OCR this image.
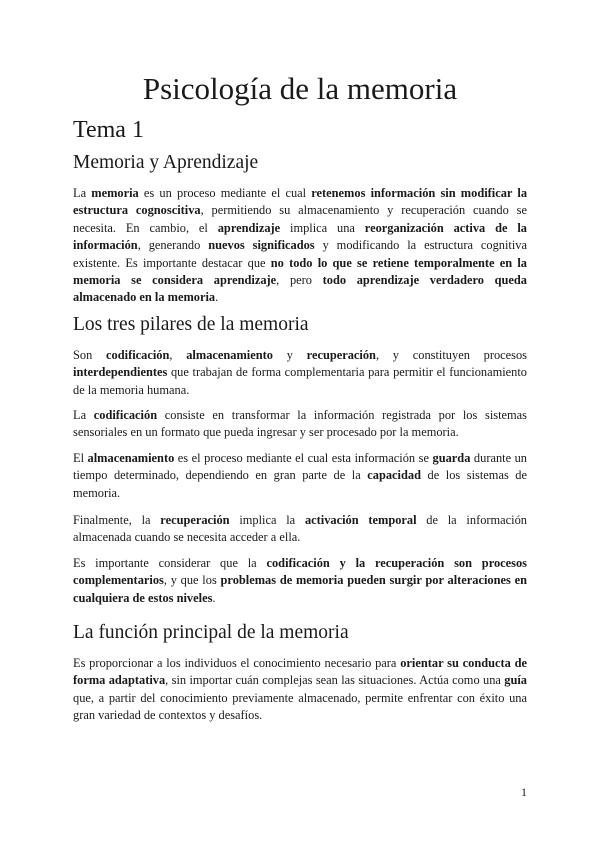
Psicología de la memoria
Tema 1
Memoria y Aprendizaje

La memoria es un proceso mediante el cual retenemos información sin modificar la estructura cognoscitiva, permitiendo su almacenamiento y recuperación cuando se necesita. En cambio, el aprendizaje implica una reorganización activa de la información, generando nuevos significados y modificando la estructura cognitiva existente. Es importante destacar que no todo lo que se retiene temporalmente en la memoria se considera aprendizaje, pero todo aprendizaje verdadero queda almacenado en la memoria.

Los tres pilares de la memoria

Son codificación, almacenamiento y recuperación, y constituyen procesos interdependientes que trabajan de forma complementaria para permitir el funcionamiento de la memoria humana.

La codificación consiste en transformar la información registrada por los sistemas sensoriales en un formato que pueda ingresar y ser procesado por la memoria.

El almacenamiento es el proceso mediante el cual esta información se guarda durante un tiempo determinado, dependiendo en gran parte de la capacidad de los sistemas de memoria.

Finalmente, la recuperación implica la activación temporal de la información almacenada cuando se necesita acceder a ella.

Es importante considerar que la codificación y la recuperación son procesos complementarios, y que los problemas de memoria pueden surgir por alteraciones en cualquiera de estos niveles.

La función principal de la memoria

Es proporcionar a los individuos el conocimiento necesario para orientar su conducta de forma adaptativa, sin importar cuán complejas sean las situaciones. Actúa como una guía que, a partir del conocimiento previamente almacenado, permite enfrentar con éxito una gran variedad de contextos y desafíos.

1
